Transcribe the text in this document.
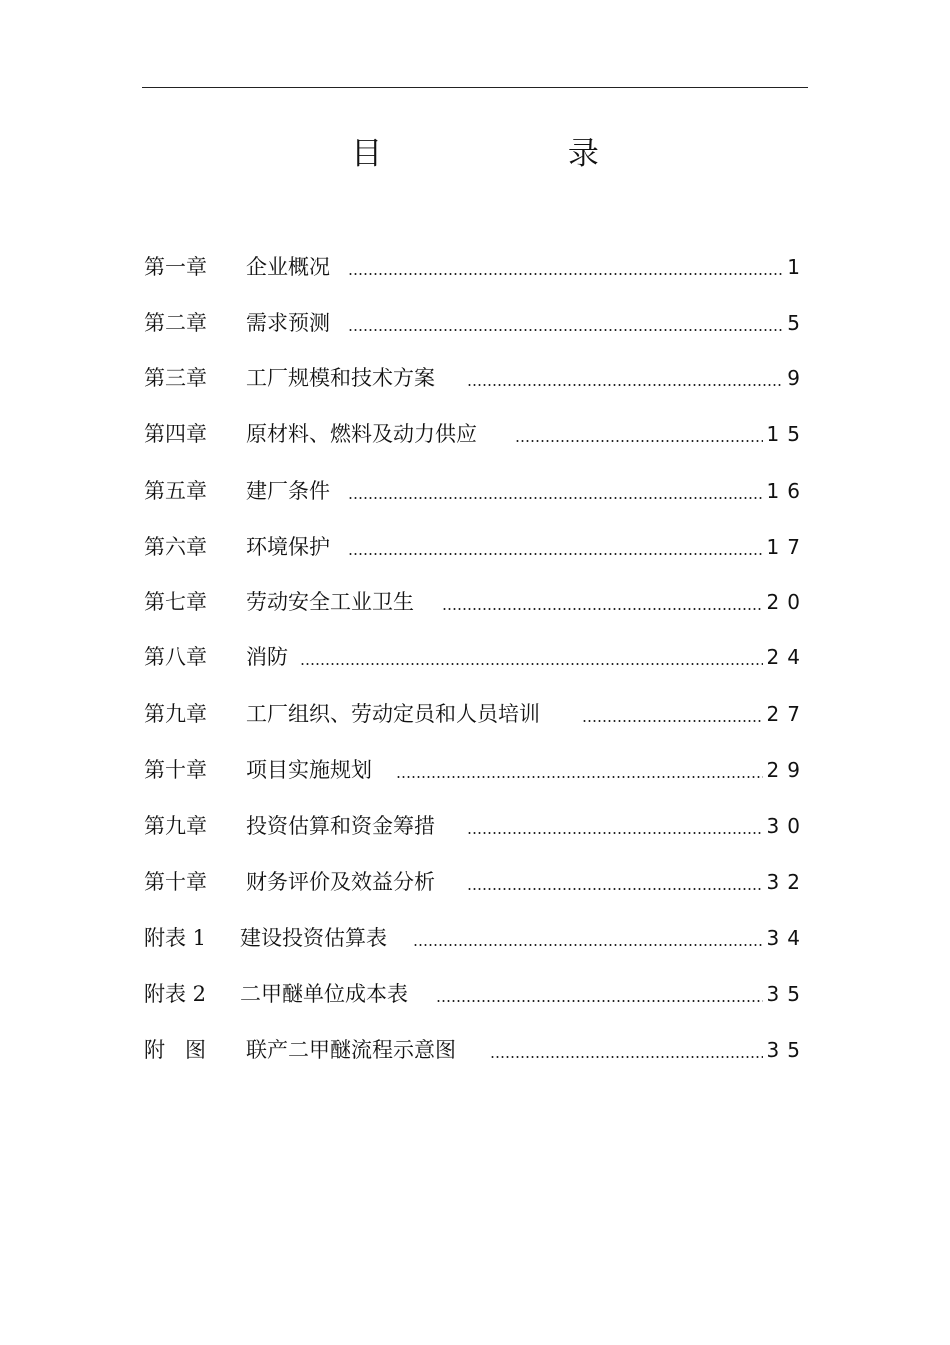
目 录
第一章	企业概况	1
第二章	需求预测	5
第三章	工厂规模和技术方案	9
第四章	原材料、燃料及动力供应	15
第五章	建厂条件	16
第六章	环境保护	17
第七章	劳动安全工业卫生	20
第八章	消防	24
第九章	工厂组织、劳动定员和人员培训	27
第十章	项目实施规划	29
第九章	投资估算和资金筹措	30
第十章	财务评价及效益分析	32
附表 1	建设投资估算表	34
附表 2	二甲醚单位成本表	35
附   图	联产二甲醚流程示意图	35
